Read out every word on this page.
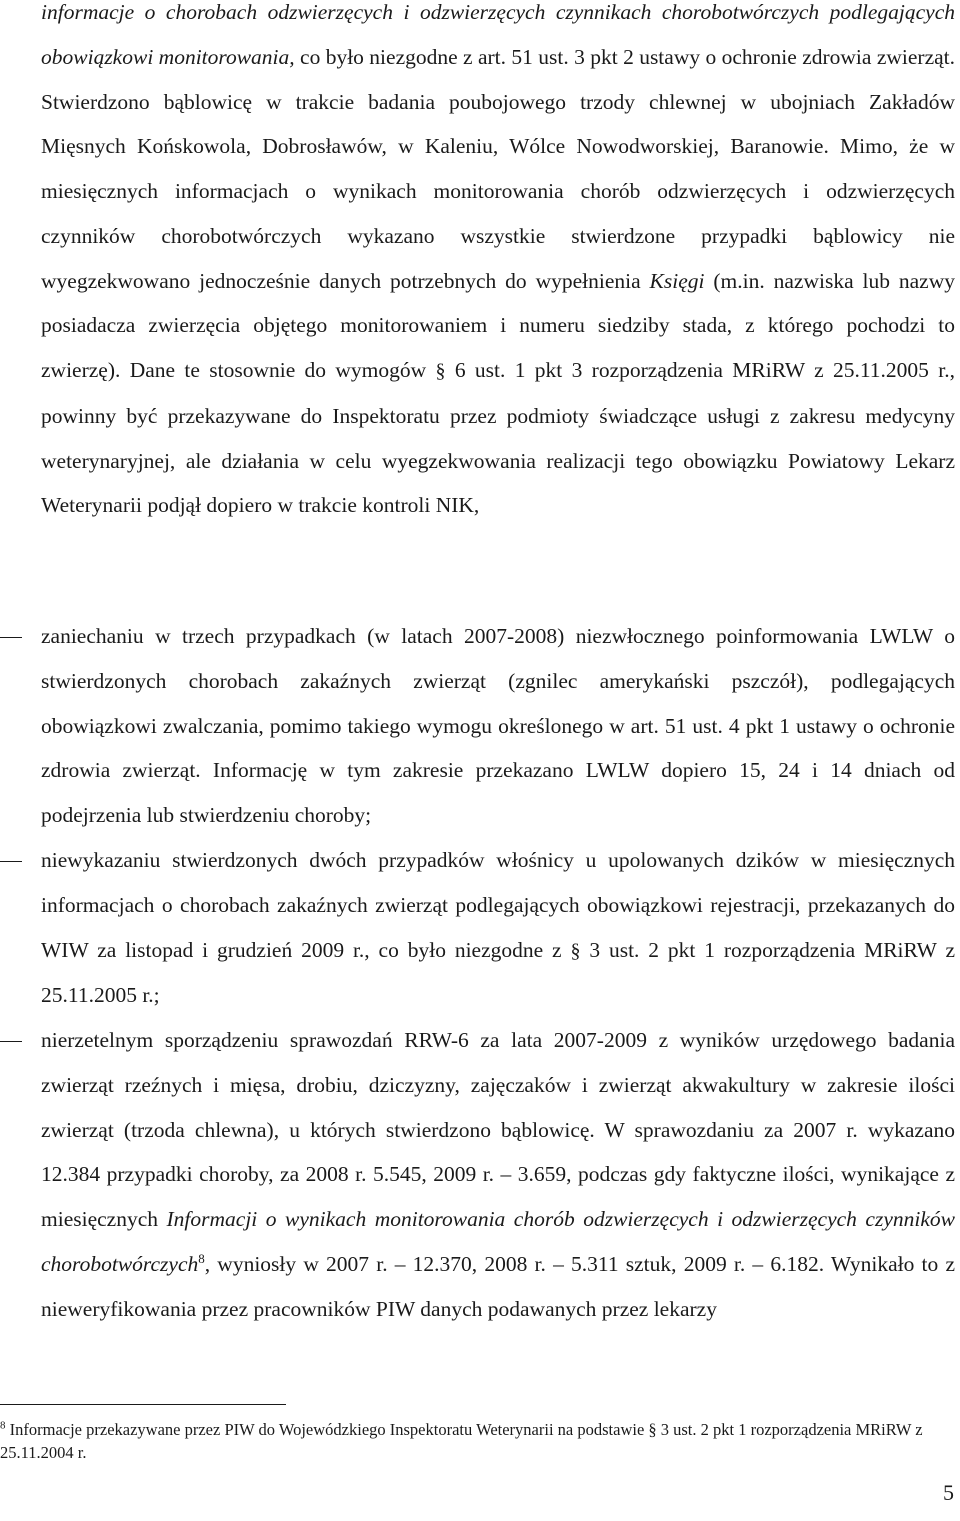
informacje o chorobach odzwierzęcych i odzwierzęcych czynnikach chorobotwórczych podlegających obowiązkowi monitorowania, co było niezgodne z art. 51 ust. 3 pkt 2 ustawy o ochronie zdrowia zwierząt. Stwierdzono bąblowicę w trakcie badania poubojowego trzody chlewnej w ubojniach Zakładów Mięsnych Końskowola, Dobrosławów, w Kaleniu, Wólce Nowodworskiej, Baranowie. Mimo, że w miesięcznych informacjach o wynikach monitorowania chorób odzwierzęcych i odzwierzęcych czynników chorobotwórczych wykazano wszystkie stwierdzone przypadki bąblowicy nie wyegzekwowano jednocześnie danych potrzebnych do wypełnienia Księgi (m.in. nazwiska lub nazwy posiadacza zwierzęcia objętego monitorowaniem i numeru siedziby stada, z którego pochodzi to zwierzę). Dane te stosownie do wymogów § 6 ust. 1 pkt 3 rozporządzenia MRiRW z 25.11.2005 r., powinny być przekazywane do Inspektoratu przez podmioty świadczące usługi z zakresu medycyny weterynaryjnej, ale działania w celu wyegzekwowania realizacji tego obowiązku Powiatowy Lekarz Weterynarii podjął dopiero w trakcie kontroli NIK,

zaniechaniu w trzech przypadkach (w latach 2007-2008) niezwłocznego poinformowania LWLW o stwierdzonych chorobach zakaźnych zwierząt (zgnilec amerykański pszczół), podlegających obowiązkowi zwalczania, pomimo takiego wymogu określonego w art. 51 ust. 4 pkt 1 ustawy o ochronie zdrowia zwierząt. Informację w tym zakresie przekazano LWLW dopiero 15, 24 i 14 dniach od podejrzenia lub stwierdzeniu choroby;

niewykazaniu stwierdzonych dwóch przypadków włośnicy u upolowanych dzików w miesięcznych informacjach o chorobach zakaźnych zwierząt podlegających obowiązkowi rejestracji, przekazanych do WIW za listopad i grudzień 2009 r., co było niezgodne z § 3 ust. 2 pkt 1 rozporządzenia MRiRW z 25.11.2005 r.;

nierzetelnym sporządzeniu sprawozdań RRW-6 za lata 2007-2009 z wyników urzędowego badania zwierząt rzeźnych i mięsa, drobiu, dziczyzny, zajęczaków i zwierząt akwakultury w zakresie ilości zwierząt (trzoda chlewna), u których stwierdzono bąblowicę. W sprawozdaniu za 2007 r. wykazano 12.384 przypadki choroby, za 2008 r. 5.545, 2009 r. – 3.659, podczas gdy faktyczne ilości, wynikające z miesięcznych Informacji o wynikach monitorowania chorób odzwierzęcych i odzwierzęcych czynników chorobotwórczych$^8$, wyniosły w 2007 r. – 12.370, 2008 r. – 5.311 sztuk, 2009 r. – 6.182. Wynikało to z nieweryfikowania przez pracowników PIW danych podawanych przez lekarzy

$^8$ Informacje przekazywane przez PIW do Wojewódzkiego Inspektoratu Weterynarii na podstawie § 3 ust. 2 pkt 1 rozporządzenia MRiRW z 25.11.2004 r.

5
